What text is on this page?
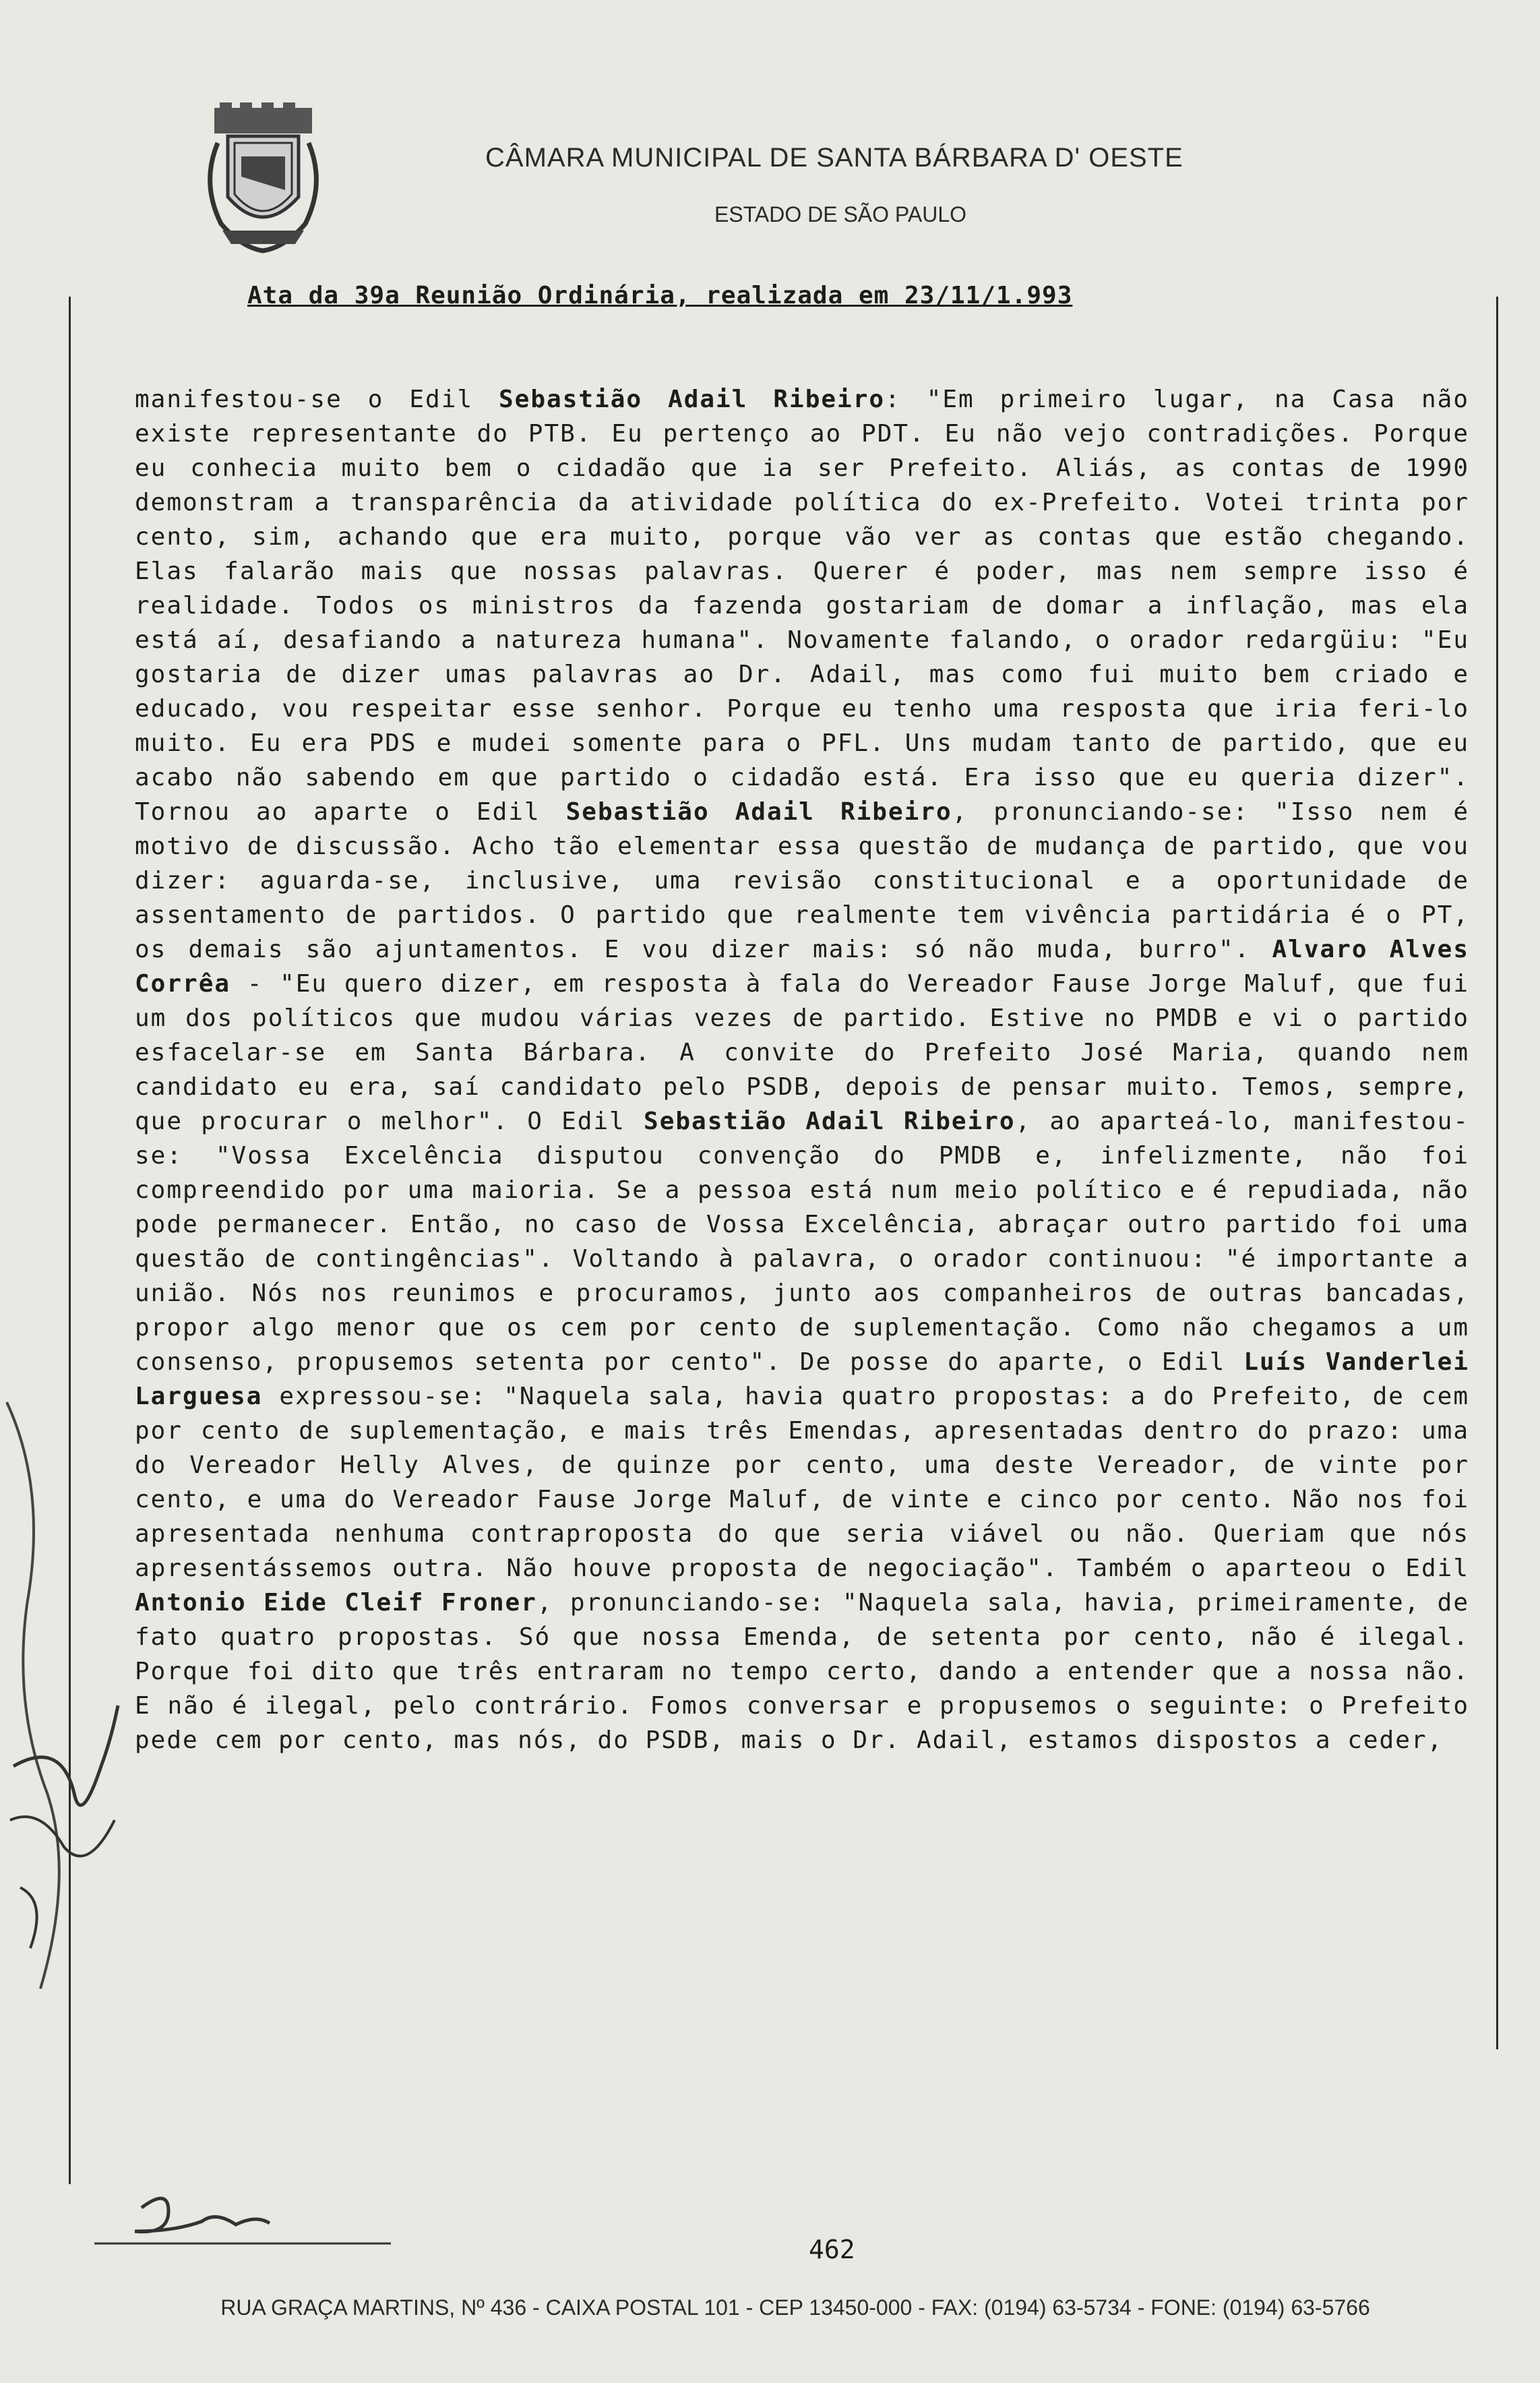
CÂMARA MUNICIPAL DE SANTA BÁRBARA D' OESTE
ESTADO DE SÃO PAULO
Ata da 39a Reunião Ordinária, realizada em 23/11/1.993
manifestou-se o Edil Sebastião Adail Ribeiro: "Em primeiro lugar, na Casa não existe representante do PTB. Eu pertenço ao PDT. Eu não vejo contradições. Porque eu conhecia muito bem o cidadão que ia ser Prefeito. Aliás, as contas de 1990 demonstram a transparência da atividade política do ex-Prefeito. Votei trinta por cento, sim, achando que era muito, porque vão ver as contas que estão chegando. Elas falarão mais que nossas palavras. Querer é poder, mas nem sempre isso é realidade. Todos os ministros da fazenda gostariam de domar a inflação, mas ela está aí, desafiando a natureza humana". Novamente falando, o orador redargüiu: "Eu gostaria de dizer umas palavras ao Dr. Adail, mas como fui muito bem criado e educado, vou respeitar esse senhor. Porque eu tenho uma resposta que iria feri-lo muito. Eu era PDS e mudei somente para o PFL. Uns mudam tanto de partido, que eu acabo não sabendo em que partido o cidadão está. Era isso que eu queria dizer". Tornou ao aparte o Edil Sebastião Adail Ribeiro, pronunciando-se: "Isso nem é motivo de discussão. Acho tão elementar essa questão de mudança de partido, que vou dizer: aguarda-se, inclusive, uma revisão constitucional e a oportunidade de assentamento de partidos. O partido que realmente tem vivência partidária é o PT, os demais são ajuntamentos. E vou dizer mais: só não muda, burro". Alvaro Alves Corrêa - "Eu quero dizer, em resposta à fala do Vereador Fause Jorge Maluf, que fui um dos políticos que mudou várias vezes de partido. Estive no PMDB e vi o partido esfacelar-se em Santa Bárbara. A convite do Prefeito José Maria, quando nem candidato eu era, saí candidato pelo PSDB, depois de pensar muito. Temos, sempre, que procurar o melhor". O Edil Sebastião Adail Ribeiro, ao aparteá-lo, manifestou-se: "Vossa Excelência disputou convenção do PMDB e, infelizmente, não foi compreendido por uma maioria. Se a pessoa está num meio político e é repudiada, não pode permanecer. Então, no caso de Vossa Excelência, abraçar outro partido foi uma questão de contingências". Voltando à palavra, o orador continuou: "é importante a união. Nós nos reunimos e procuramos, junto aos companheiros de outras bancadas, propor algo menor que os cem por cento de suplementação. Como não chegamos a um consenso, propusemos setenta por cento". De posse do aparte, o Edil Luís Vanderlei Larguesa expressou-se: "Naquela sala, havia quatro propostas: a do Prefeito, de cem por cento de suplementação, e mais três Emendas, apresentadas dentro do prazo: uma do Vereador Helly Alves, de quinze por cento, uma deste Vereador, de vinte por cento, e uma do Vereador Fause Jorge Maluf, de vinte e cinco por cento. Não nos foi apresentada nenhuma contraproposta do que seria viável ou não. Queriam que nós apresentássemos outra. Não houve proposta de negociação". Também o aparteou o Edil Antonio Eide Cleif Froner, pronunciando-se: "Naquela sala, havia, primeiramente, de fato quatro propostas. Só que nossa Emenda, de setenta por cento, não é ilegal. Porque foi dito que três entraram no tempo certo, dando a entender que a nossa não. E não é ilegal, pelo contrário. Fomos conversar e propusemos o seguinte: o Prefeito pede cem por cento, mas nós, do PSDB, mais o Dr. Adail, estamos dispostos a ceder,
462
RUA GRAÇA MARTINS, Nº 436 - CAIXA POSTAL 101 - CEP 13450-000 - FAX: (0194) 63-5734 - FONE: (0194) 63-5766
